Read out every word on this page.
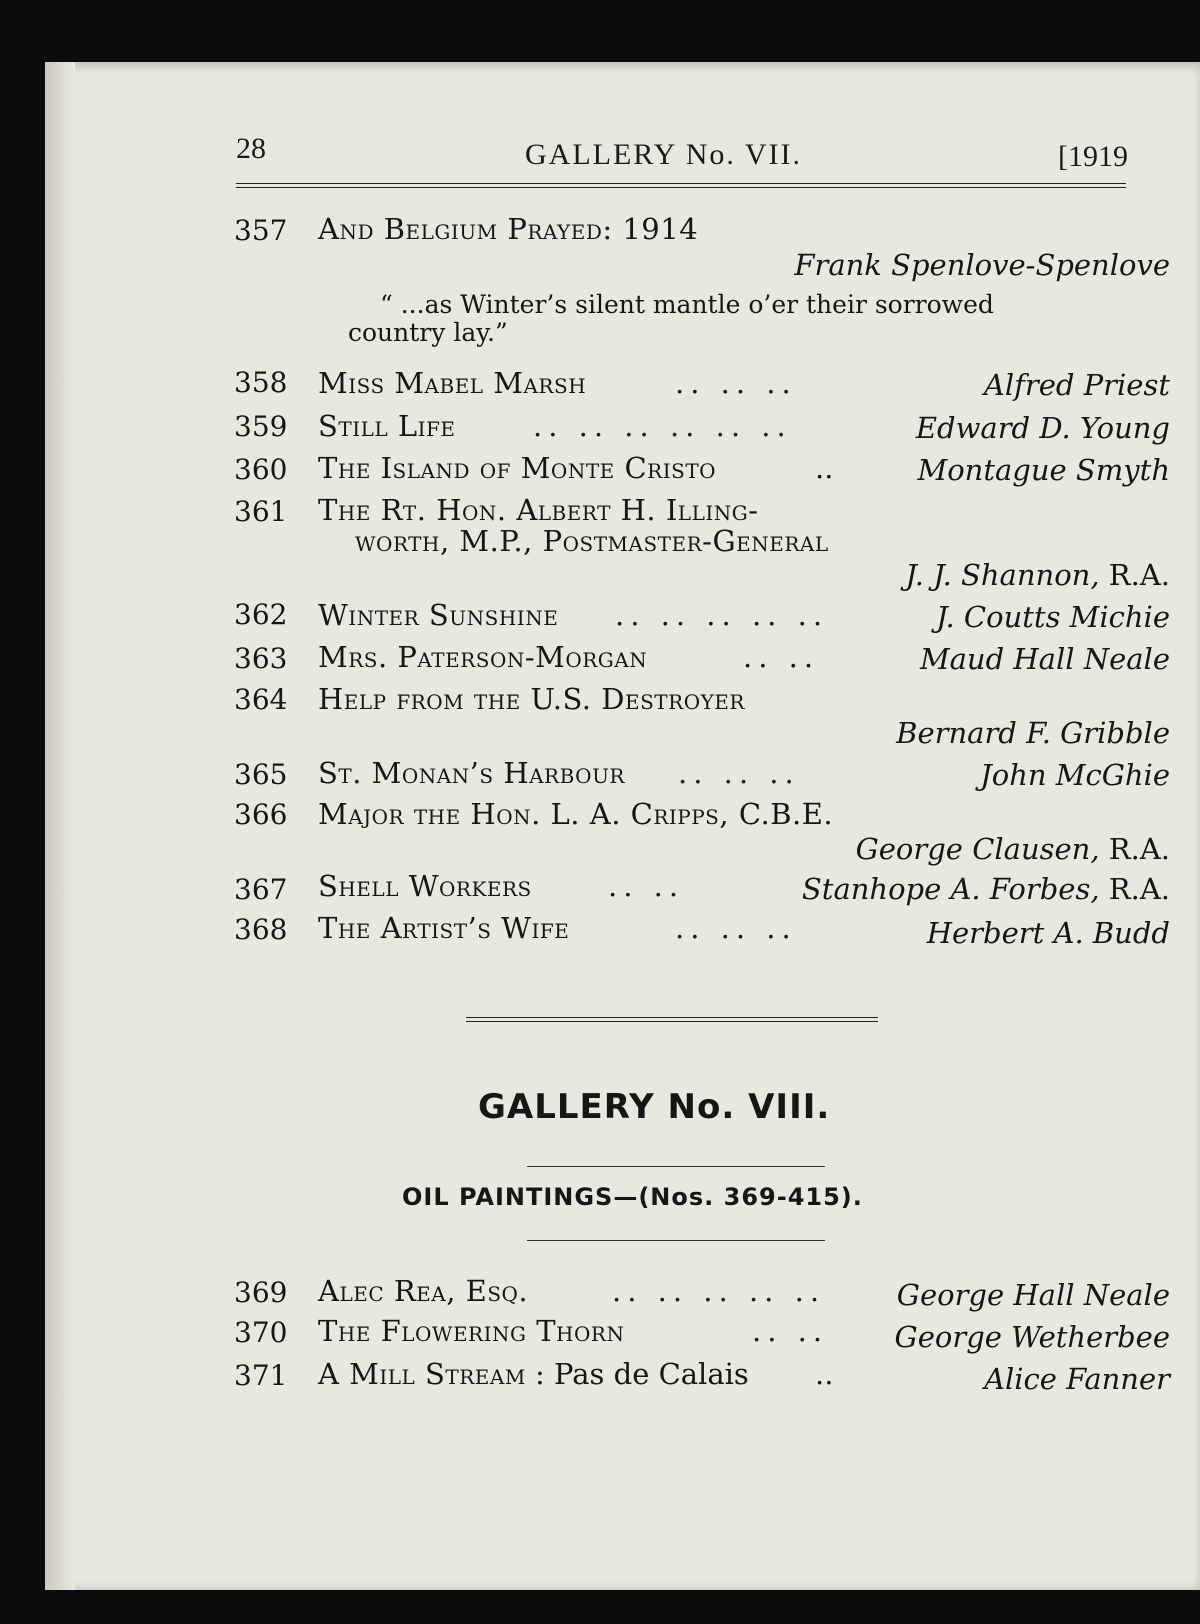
28	GALLERY No. VII.	[1919

357 And Belgium Prayed: 1914

Frank Spenlove-Spenlove

“ ...as Winter’s silent mantle o’er their sorrowed

country lay.”

358 Miss Mabel Marsh	.. .. ..	Alfred Priest

359 Still Life	.. .. .. .. .. ..	Edward D. Young

360 The Island of Monte Cristo	..	Montague Smyth

361 The Rt. Hon. Albert H. Illing-

worth, M.P., Postmaster-General

J. J. Shannon, R.A.

362 Winter Sunshine .. .. .. .. ..	J. Coutts Michie

363 Mrs. Paterson-Morgan	.. ..	Maud Hall Neale

364 Help from the U.S. Destroyer

Bernard F. Gribble

365 St. Monan’s Harbour .. .. ..	John McGhie

366 Major the Hon. L. A. Cripps, C.B.E.

George Clausen, R.A.

367 Shell Workers	.. ..	Stanhope A. Forbes, R.A.

368 The Artist’s Wife	.. .. ..	Herbert A. Budd

GALLERY No. VIII.

OIL PAINTINGS—(Nos. 369-415).

369 Alec Rea, Esq.	.. .. .. .. .. George Hall Neale

370 The Flowering Thorn	.. .. George Wetherbee

371 A Mill Stream : Pas de Calais ..	Alice Fanner
